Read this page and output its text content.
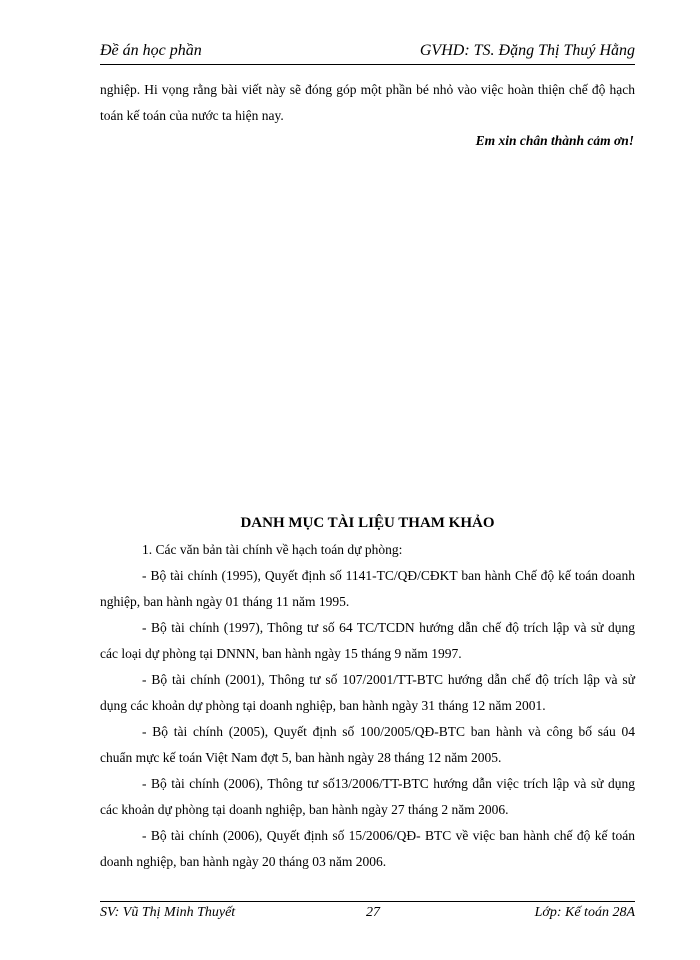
Đề án học phần	GVHD: TS. Đặng Thị Thuý Hằng
nghiệp. Hi vọng rằng bài viết này sẽ đóng góp một phần bé nhỏ vào việc hoàn thiện chế độ hạch toán kế toán của nước ta hiện nay.
Em xin chân thành cảm ơn!
DANH MỤC TÀI LIỆU THAM KHẢO

1. Các văn bản tài chính về hạch toán dự phòng:

- Bộ tài chính (1995), Quyết định số 1141-TC/QĐ/CĐKT ban hành Chế độ kế toán doanh nghiệp, ban hành ngày 01 tháng 11 năm 1995.

- Bộ tài chính (1997), Thông tư số 64 TC/TCDN hướng dẫn chế độ trích lập và sử dụng các loại dự phòng tại DNNN, ban hành ngày 15 tháng 9 năm 1997.

- Bộ tài chính (2001), Thông tư số 107/2001/TT-BTC hướng dẫn chế độ trích lập và sử dụng các khoản dự phòng tại doanh nghiệp, ban hành ngày 31 tháng 12 năm 2001.

- Bộ tài chính (2005), Quyết định số 100/2005/QĐ-BTC ban hành và công bố sáu 04 chuẩn mực kế toán Việt Nam đợt 5, ban hành ngày 28 tháng 12 năm 2005.

- Bộ tài chính (2006), Thông tư số13/2006/TT-BTC hướng dẫn việc trích lập và sử dụng các khoản dự phòng tại doanh nghiệp, ban hành ngày 27 tháng 2 năm 2006.

- Bộ tài chính (2006), Quyết định số 15/2006/QĐ- BTC về việc ban hành chế độ kế toán doanh nghiệp, ban hành ngày 20 tháng 03 năm 2006.

SV: Vũ Thị Minh Thuyết	27	Lớp: Kế toán 28A
